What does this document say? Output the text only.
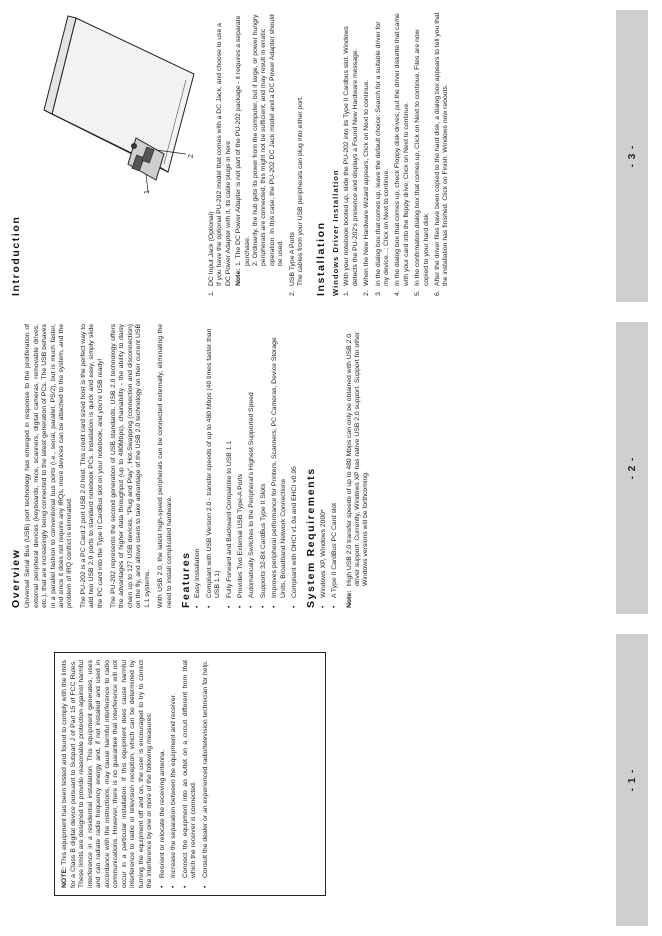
NOTE: This equipment has been tested and found to comply with the limits for a Class B digital device pursuant to Subpart J of Part 15 of FCC Rules. These limits are designed to provide reasonable protection against harmful interference in a residential installation. This equipment generates, uses and can radiate radio frequency energy and, if not installed and used in accordance with the instructions, may cause harmful interference to radio communications. However, there is no guarantee that interference will not occur in a particular installation. If this equipment does cause harmful interference to radio or television reception, which can be determined by turning the equipment off and on, the user is encouraged to try to correct the interference by one or more of the following measures: • Reorient or relocate the receiving antenna. • Increase the separation between the equipment and receiver. • Connect the equipment into an outlet on a circuit different from that which the receiver is connected. • Consult the dealer or an experienced radio/television technician for help.	- 1 -
Overview Universal Serial Bus (USB) port technology has emerged in response to the proliferation of external peripheral devices (keyboards, mice, scanners, digital cameras, removable drives, etc.), that are increasingly being connected to the latest generation of PCs. The USB behaves in a parallel fashion to conventional bus ports (i.e., serial, parallel, PS/2), but is much faster, and since it does not require any IRQs, more devices can be attached to the system, and the problem of IRQ conflict is eliminated. The PU-202 is a PC Card 2 port USB 2.0 host. This credit card sized host is the perfect way to add two USB 2.0 ports to standard notebook PCs. Installation is quick and easy, simply slide the PC card into the Type II CardBus slot on your notebook, and you're USB ready! The PU-202 represents the second generation of USB standards. USB 2.0 technology offers the advantages of higher data throughput (up to 480Mbps), chainability - the ability to daisy chain up to 127 USB devices, "Plug and Play", Hot-Swapping (connection and disconnection) on the fly, and allows users to take advantage of the USB 2.0 technology on their current USB 1.1 systems. With USB 2.0, the latest high-speed peripherals can be connected externally, eliminating the need to install complicated hardware. Features • Easy Installation • Compliant with USB Version 2.0 - transfer speeds of up to 480 Mbps (40 times faster than USB 1.1) • Fully Forward and Backward Compatible to USB 1.1 • Provides Two External USB Type-A Ports • Automatically Switches to the Peripheral's Highest Supported Speed • Supports 32-Bit CardBus Type II Slots • Improves peripheral performance for Printers, Scanners, PC Cameras, Device Storage Units, Broadband Network Connections • Compliant with OHCI v1.0a and EHCI v0.95 System Requirements • Windows XP, Windows 2000* • A Type II CardBus PC Card slot
Note:
High USB 2.0 transfer speeds of up to 480 Mbps can only be obtained with USB 2.0 driver support. Currently, Windows XP has native USB 2.0 support. Support for other Windows versions will be forthcoming.
- 2 -
1
2
Introduction	1.
DC Input Jack (Optional) If you have the optional PU-202 model that comes with a DC Jack, and choose to use a DC Power Adapter with it, its cable plugs in here Note:
1. The DC Power Adapter is not part of the PU-202 package - it requires a separate purchase. 2. Ordinarily, the hub gets its power from the computer, but if large, or power hungry peripherals are connected, this might not be sufficient, and may result in erratic operation. In this case, the PU-202 DC Jack model and a DC Power Adapter should be used.
2.
USB Type A Ports The cables from your USB peripherals can plug into either port. Installation Windows Driver Installation 1.
With your notebook booted up, slide the PU-202 into its Type II Cardbus slot. Windows detects the PU-202's presence and displays a Found New Hardware message.
2.
When the New Hardware Wizard appears, Click on Next to continue.
3.
In the dialog box that comes up, leave the default choice: Search for a suitable driver for my device...; Click on Next to continue.
4.
In the dialog box that comes up, check Floppy disk drives; put the driver diskette that came with your card into the floppy drive; Click on Next to continue.
5.
In the confirmation dialog box that comes up, Click on Next to continue. Files are now copied to your hard disk.
6.
After the driver files have been copied to the hard disk, a dialog box appears to tell you that the installation has finished. Click on Finish. Windows now reboots.	- 3 -
